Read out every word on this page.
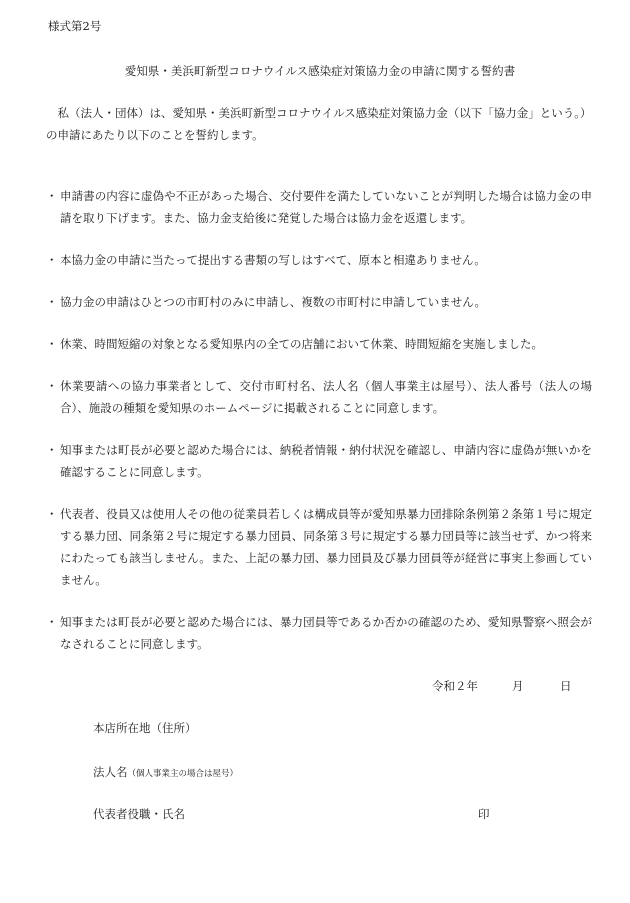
様式第2号
愛知県・美浜町新型コロナウイルス感染症対策協力金の申請に関する誓約書
私（法人・団体）は、愛知県・美浜町新型コロナウイルス感染症対策協力金（以下「協力金」という。）の申請にあたり以下のことを誓約します。
・ 申請書の内容に虚偽や不正があった場合、交付要件を満たしていないことが判明した場合は協力金の申請を取り下げます。また、協力金支給後に発覚した場合は協力金を返還します。
・ 本協力金の申請に当たって提出する書類の写しはすべて、原本と相違ありません。
・ 協力金の申請はひとつの市町村のみに申請し、複数の市町村に申請していません。
・ 休業、時間短縮の対象となる愛知県内の全ての店舗において休業、時間短縮を実施しました。
・ 休業要請への協力事業者として、交付市町村名、法人名（個人事業主は屋号）、法人番号（法人の場合）、施設の種類を愛知県のホームページに掲載されることに同意します。
・ 知事または町長が必要と認めた場合には、納税者情報・納付状況を確認し、申請内容に虚偽が無いかを確認することに同意します。
・ 代表者、役員又は使用人その他の従業員若しくは構成員等が愛知県暴力団排除条例第２条第１号に規定する暴力団、同条第２号に規定する暴力団員、同条第３号に規定する暴力団員等に該当せず、かつ将来にわたっても該当しません。また、上記の暴力団、暴力団員及び暴力団員等が経営に事実上参画していません。
・ 知事または町長が必要と認めた場合には、暴力団員等であるか否かの確認のため、愛知県警察へ照会がなされることに同意します。
令和２年	月	日
本店所在地（住所）
法人名（個人事業主の場合は屋号）
代表者役職・氏名	印
